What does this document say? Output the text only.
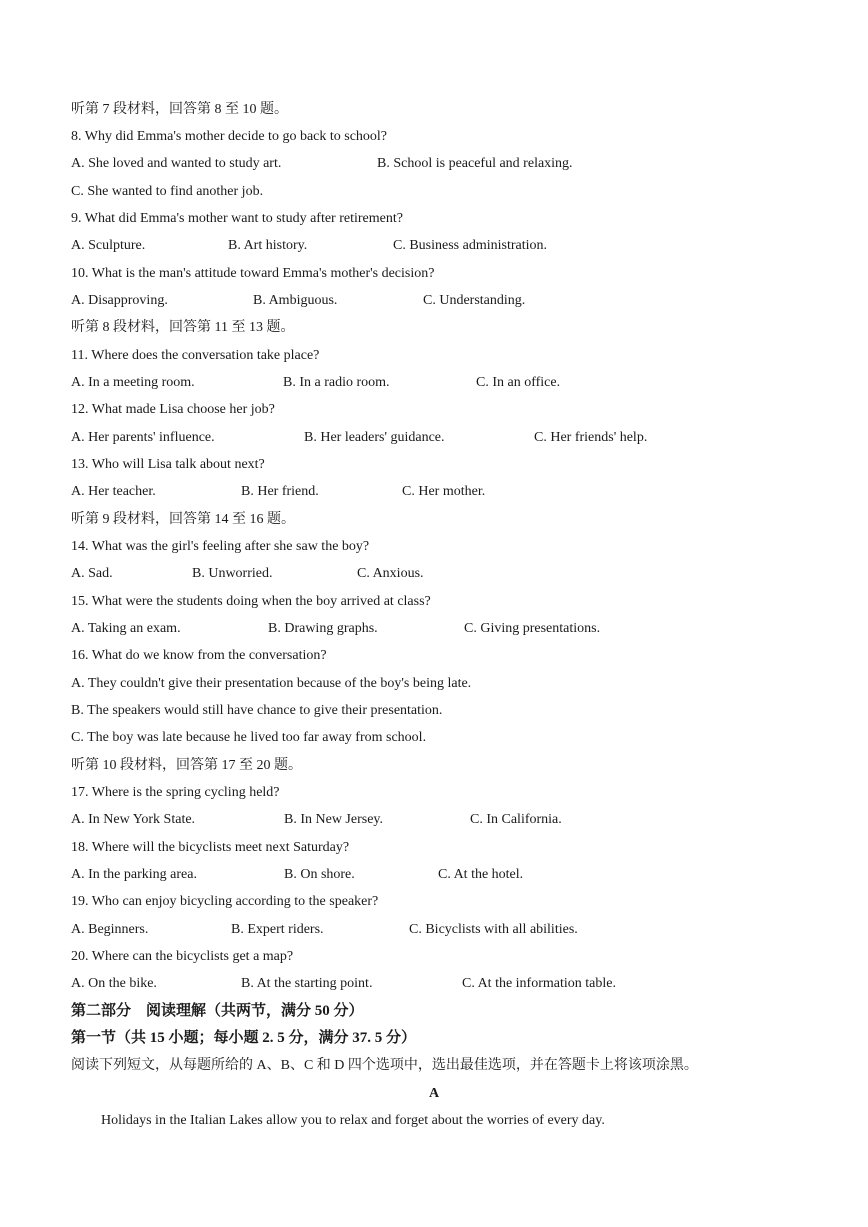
听第 7 段材料，回答第 8 至 10 题。
8. Why did Emma's mother decide to go back to school?
A. She loved and wanted to study art.	B. School is peaceful and relaxing.
C. She wanted to find another job.
9. What did Emma's mother want to study after retirement?
A. Sculpture.	B. Art history.	C. Business administration.
10. What is the man's attitude toward Emma's mother's decision?
A. Disapproving.	B. Ambiguous.	C. Understanding.
听第 8 段材料，回答第 11 至 13 题。
11. Where does the conversation take place?
A. In a meeting room.	B. In a radio room.	C. In an office.
12. What made Lisa choose her job?
A. Her parents' influence.	B. Her leaders' guidance.	C. Her friends' help.
13. Who will Lisa talk about next?
A. Her teacher.	B. Her friend.	C. Her mother.
听第 9 段材料，回答第 14 至 16 题。
14. What was the girl's feeling after she saw the boy?
A. Sad.	B. Unworried.	C. Anxious.
15. What were the students doing when the boy arrived at class?
A. Taking an exam.	B. Drawing graphs.	C. Giving presentations.
16. What do we know from the conversation?
A. They couldn't give their presentation because of the boy's being late.
B. The speakers would still have chance to give their presentation.
C. The boy was late because he lived too far away from school.
听第 10 段材料，回答第 17 至 20 题。
17. Where is the spring cycling held?
A. In New York State.	B. In New Jersey.	C. In California.
18. Where will the bicyclists meet next Saturday?
A. In the parking area.	B. On shore.	C. At the hotel.
19. Who can enjoy bicycling according to the speaker?
A. Beginners.	B. Expert riders.	C. Bicyclists with all abilities.
20. Where can the bicyclists get a map?
A. On the bike.	B. At the starting point.	C. At the information table.
第二部分　阅读理解（共两节，满分 50 分）
第一节（共 15 小题；每小题 2. 5 分，满分 37. 5 分）
阅读下列短文，从每题所给的 A、B、C 和 D 四个选项中，选出最佳选项，并在答题卡上将该项涂黑。
A
Holidays in the Italian Lakes allow you to relax and forget about the worries of every day.
